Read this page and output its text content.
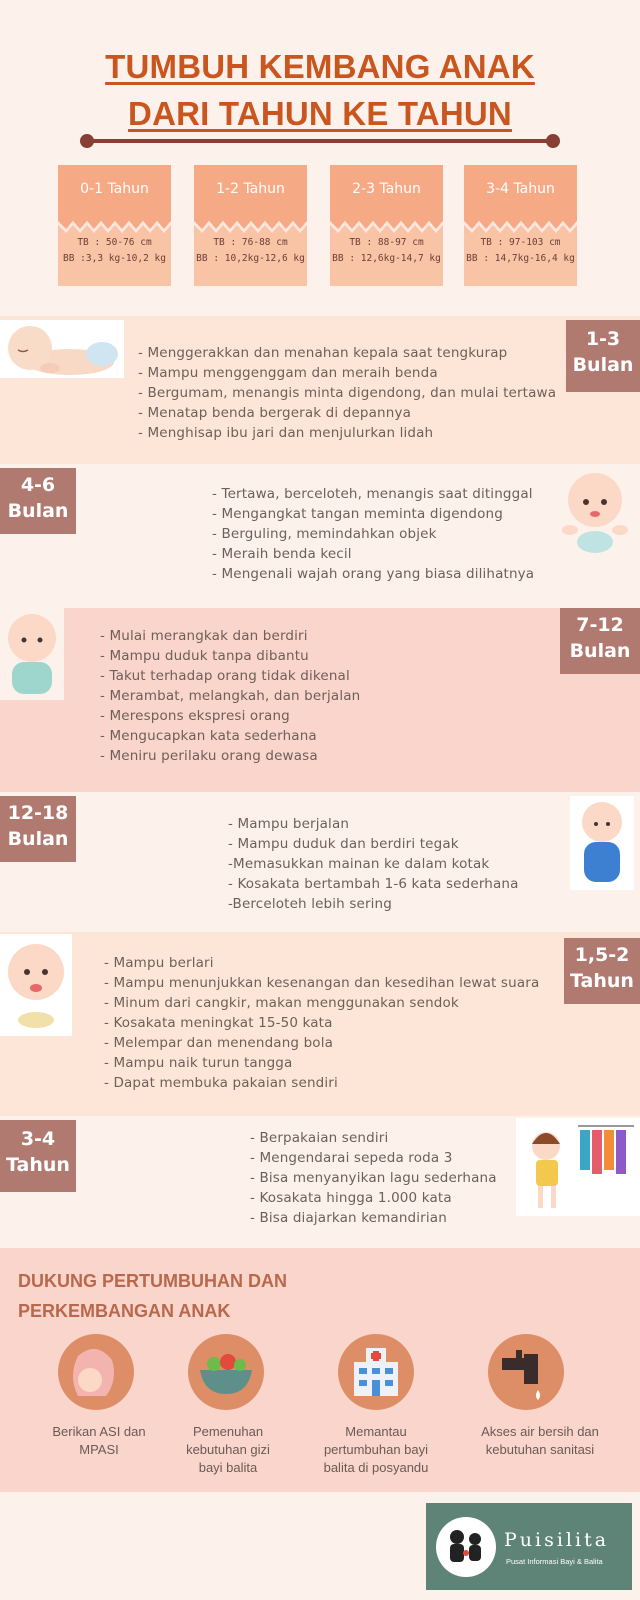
TUMBUH KEMBANG ANAK
DARI TAHUN KE TAHUN
0-1 Tahun
TB : 50-76 cm
BB :3,3 kg-10,2 kg
1-2 Tahun
TB : 76-88 cm
BB : 10,2kg-12,6 kg
2-3 Tahun
TB : 88-97 cm
BB : 12,6kg-14,7 kg
3-4 Tahun
TB : 97-103 cm
BB : 14,7kg-16,4 kg
1-3
Bulan
- Menggerakkan dan menahan kepala saat tengkurap
- Mampu menggenggam dan meraih benda
- Bergumam, menangis minta digendong, dan mulai tertawa
- Menatap benda bergerak di depannya
- Menghisap ibu jari dan menjulurkan lidah
4-6
Bulan
- Tertawa, berceloteh, menangis saat ditinggal
- Mengangkat tangan meminta digendong
- Berguling, memindahkan objek
- Meraih benda kecil
- Mengenali wajah orang yang biasa dilihatnya
7-12
Bulan
- Mulai merangkak dan berdiri
- Mampu duduk tanpa dibantu
- Takut terhadap orang tidak dikenal
- Merambat, melangkah, dan berjalan
- Merespons ekspresi orang
- Mengucapkan kata sederhana
- Meniru perilaku orang dewasa
12-18
Bulan
- Mampu berjalan
- Mampu duduk dan berdiri tegak
-Memasukkan mainan ke dalam kotak
- Kosakata bertambah 1-6 kata sederhana
-Berceloteh lebih sering
1,5-2
Tahun
- Mampu berlari
- Mampu menunjukkan kesenangan dan kesedihan lewat suara
- Minum dari cangkir, makan menggunakan sendok
- Kosakata meningkat 15-50 kata
- Melempar dan menendang bola
- Mampu naik turun tangga
- Dapat membuka pakaian sendiri
3-4
Tahun
- Berpakaian sendiri
- Mengendarai sepeda roda 3
- Bisa menyanyikan lagu sederhana
- Kosakata hingga 1.000 kata
- Bisa diajarkan kemandirian
DUKUNG PERTUMBUHAN DAN
PERKEMBANGAN ANAK
Berikan ASI dan
MPASI
Pemenuhan
kebutuhan gizi
bayi balita
Memantau
pertumbuhan bayi
balita di posyandu
Akses air bersih dan
kebutuhan sanitasi
Puisilita
Pusat Informasi Bayi & Balita
